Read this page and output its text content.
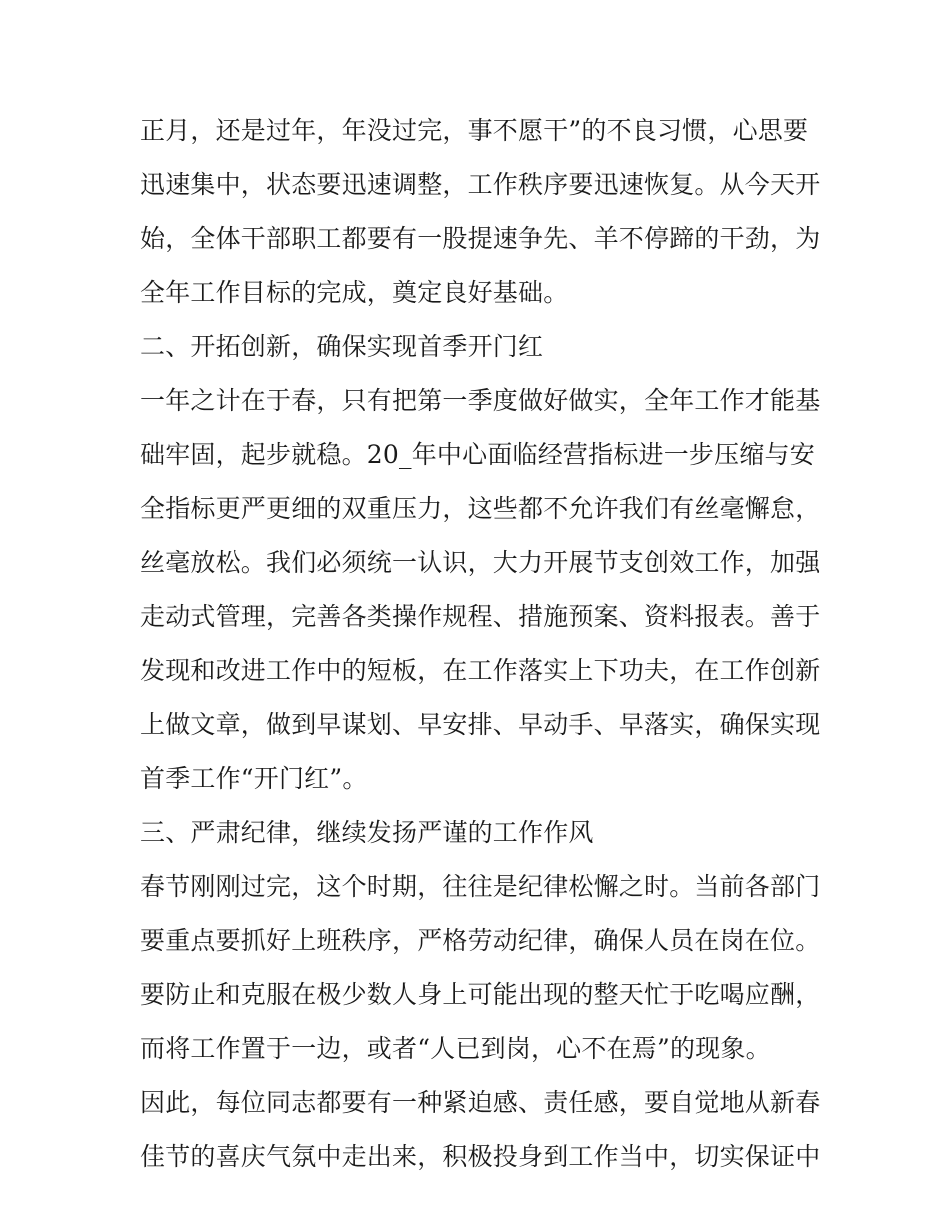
正月，还是过年，年没过完，事不愿干”的不良习惯，心思要
迅速集中，状态要迅速调整，工作秩序要迅速恢复。从今天开
始，全体干部职工都要有一股提速争先、羊不停蹄的干劲，为
全年工作目标的完成，奠定良好基础。
二、开拓创新，确保实现首季开门红
一年之计在于春，只有把第一季度做好做实，全年工作才能基
础牢固，起步就稳。20_年中心面临经营指标进一步压缩与安
全指标更严更细的双重压力，这些都不允许我们有丝毫懈怠，
丝毫放松。我们必须统一认识，大力开展节支创效工作，加强
走动式管理，完善各类操作规程、措施预案、资料报表。善于
发现和改进工作中的短板，在工作落实上下功夫，在工作创新
上做文章，做到早谋划、早安排、早动手、早落实，确保实现
首季工作“开门红”。
三、严肃纪律，继续发扬严谨的工作作风
春节刚刚过完，这个时期，往往是纪律松懈之时。当前各部门
要重点要抓好上班秩序，严格劳动纪律，确保人员在岗在位。
要防止和克服在极少数人身上可能出现的整天忙于吃喝应酬，
而将工作置于一边，或者“人已到岗，心不在焉”的现象。
因此，每位同志都要有一种紧迫感、责任感，要自觉地从新春
佳节的喜庆气氛中走出来，积极投身到工作当中，切实保证中
